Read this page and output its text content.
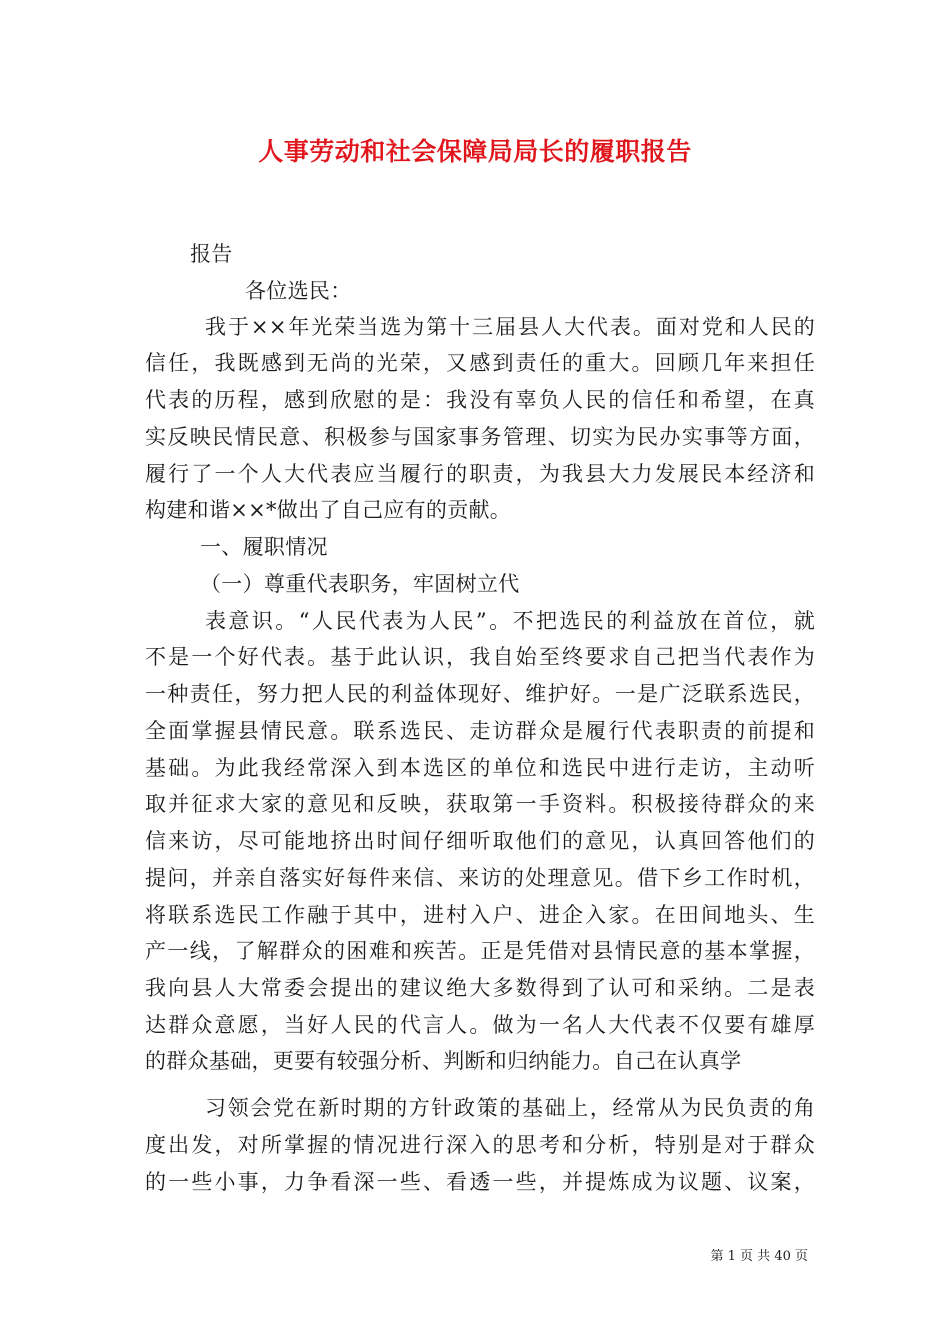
人事劳动和社会保障局局长的履职报告
报告
各位选民：
我于××年光荣当选为第十三届县人大代表。面对党和人民的
信任，我既感到无尚的光荣，又感到责任的重大。回顾几年来担任
代表的历程，感到欣慰的是：我没有辜负人民的信任和希望，在真
实反映民情民意、积极参与国家事务管理、切实为民办实事等方面，
履行了一个人大代表应当履行的职责，为我县大力发展民本经济和
构建和谐××*做出了自己应有的贡献。
一、履职情况
（一）尊重代表职务，牢固树立代
表意识。“人民代表为人民”。不把选民的利益放在首位，就
不是一个好代表。基于此认识，我自始至终要求自己把当代表作为
一种责任，努力把人民的利益体现好、维护好。一是广泛联系选民，
全面掌握县情民意。联系选民、走访群众是履行代表职责的前提和
基础。为此我经常深入到本选区的单位和选民中进行走访，主动听
取并征求大家的意见和反映，获取第一手资料。积极接待群众的来
信来访，尽可能地挤出时间仔细听取他们的意见，认真回答他们的
提问，并亲自落实好每件来信、来访的处理意见。借下乡工作时机，
将联系选民工作融于其中，进村入户、进企入家。在田间地头、生
产一线，了解群众的困难和疾苦。正是凭借对县情民意的基本掌握，
我向县人大常委会提出的建议绝大多数得到了认可和采纳。二是表
达群众意愿，当好人民的代言人。做为一名人大代表不仅要有雄厚
的群众基础，更要有较强分析、判断和归纳能力。自己在认真学
习领会党在新时期的方针政策的基础上，经常从为民负责的角
度出发，对所掌握的情况进行深入的思考和分析，特别是对于群众
的一些小事，力争看深一些、看透一些，并提炼成为议题、议案，
第 1 页 共 40 页
